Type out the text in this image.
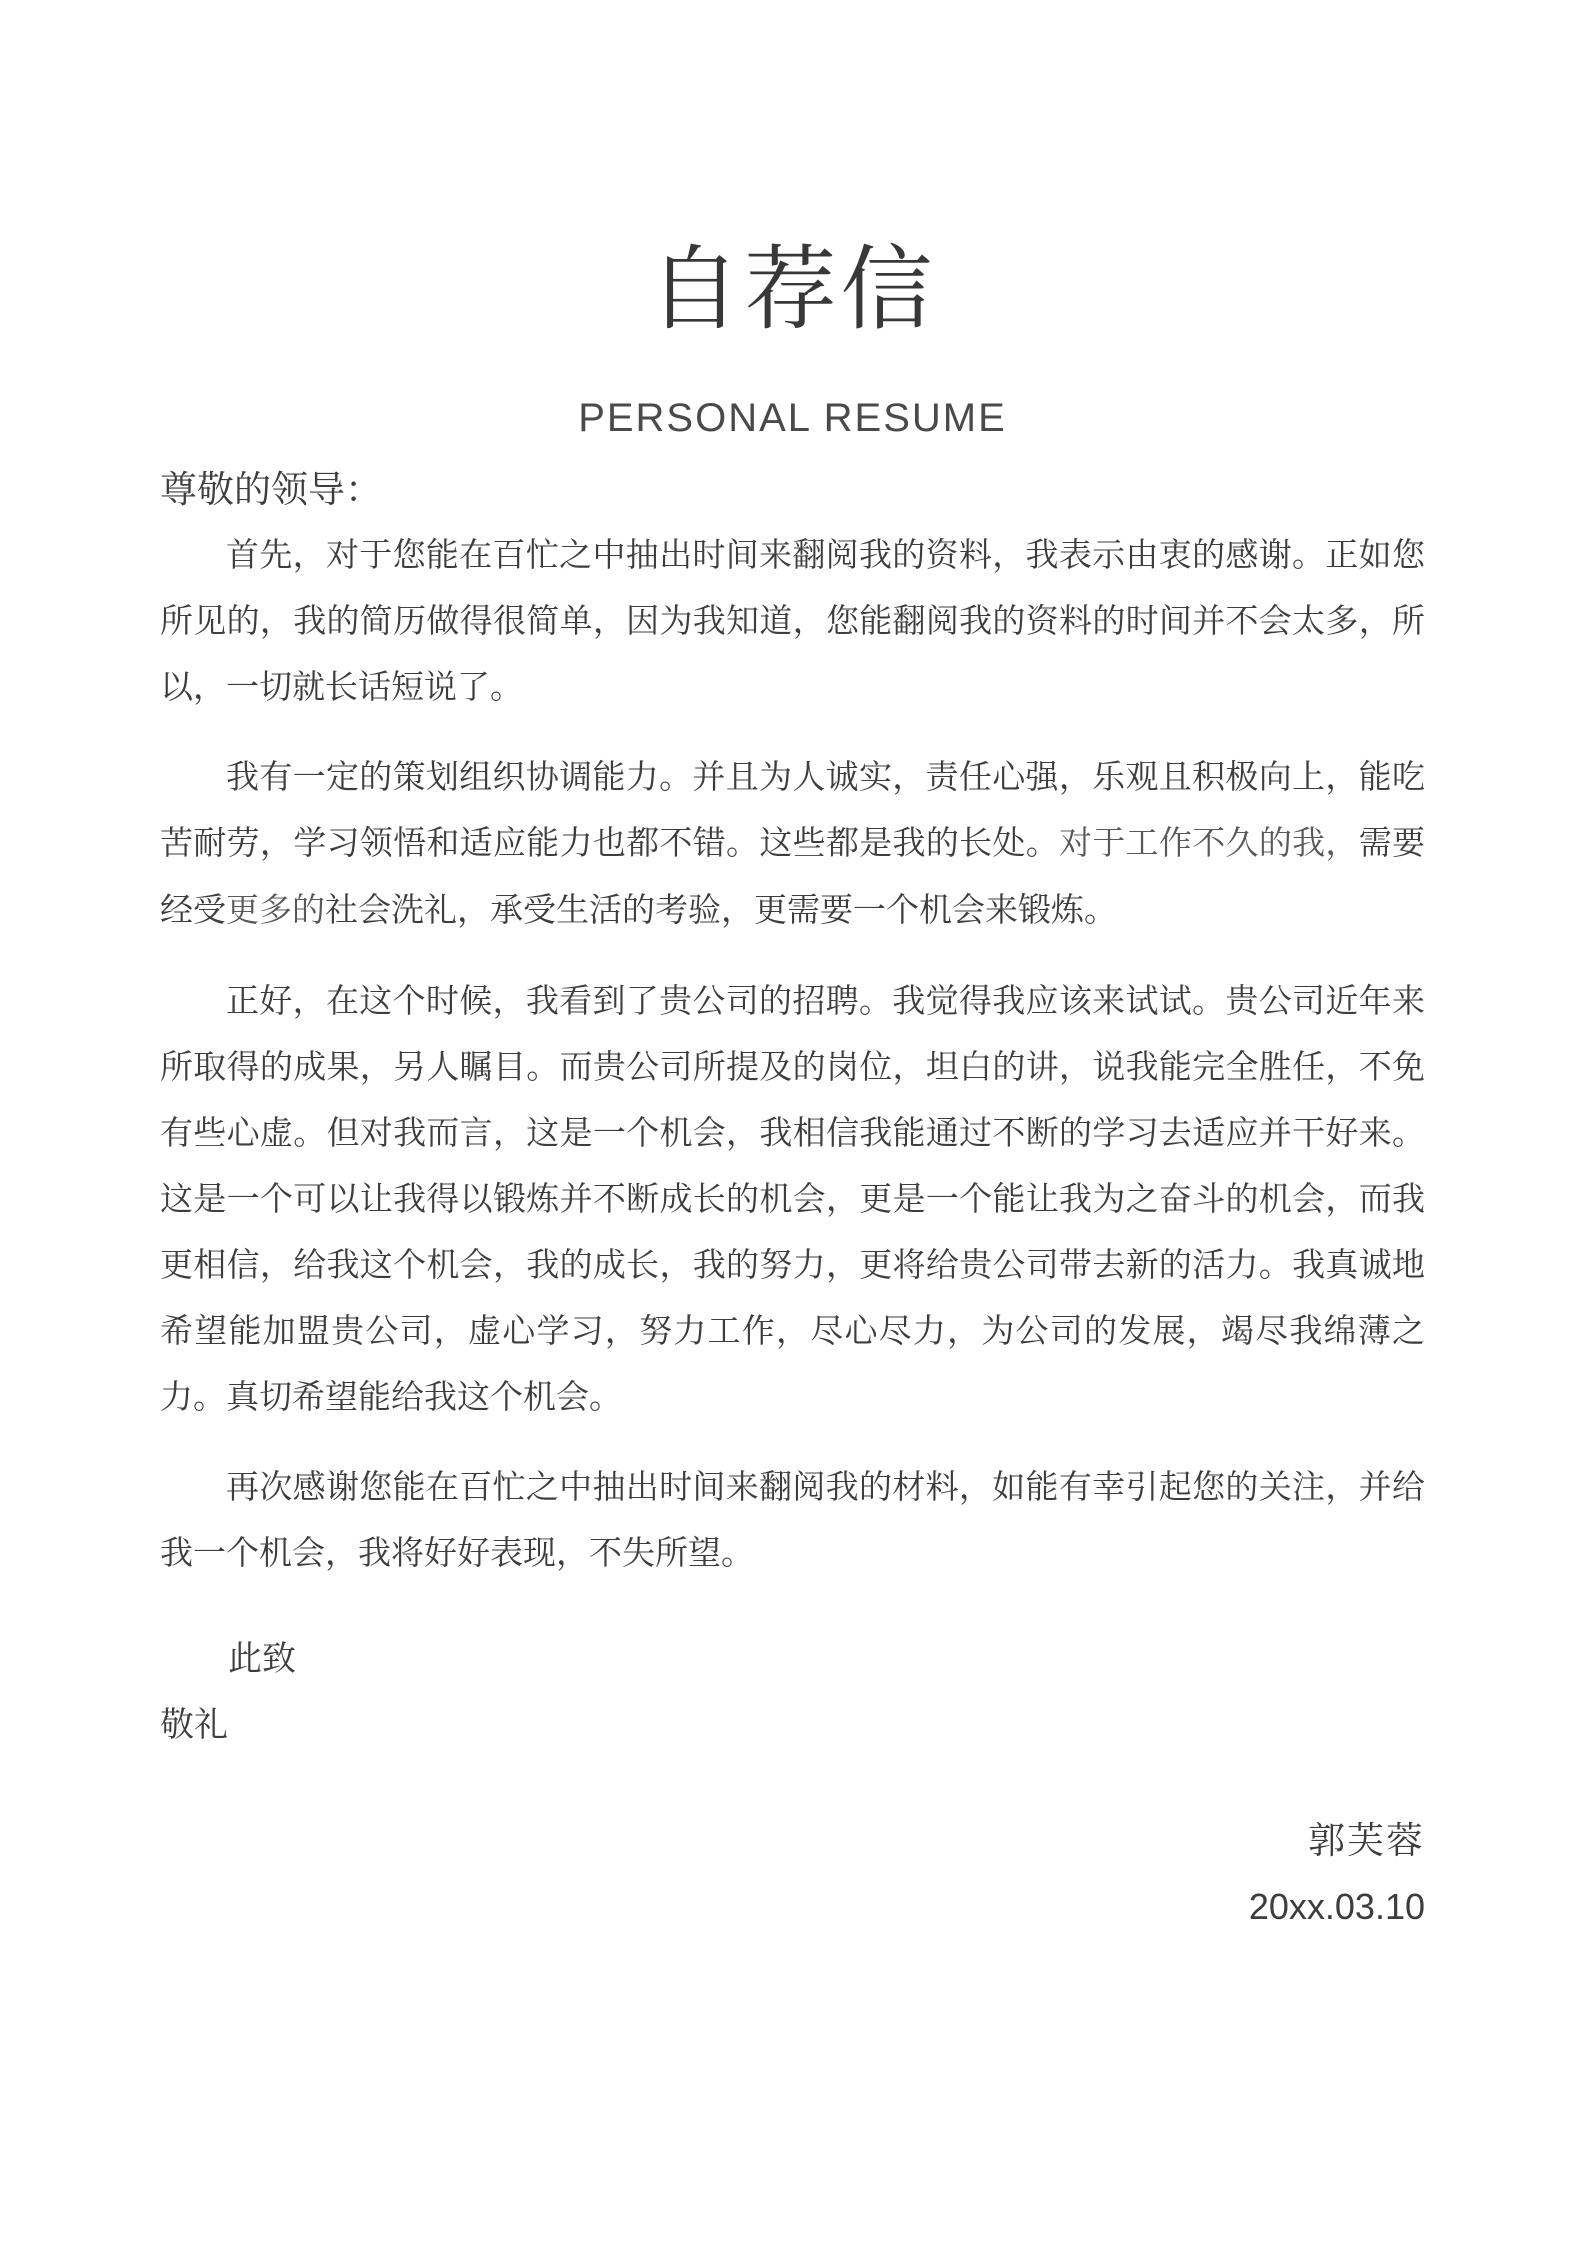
自荐信
PERSONAL RESUME
尊敬的领导：
首先，对于您能在百忙之中抽出时间来翻阅我的资料，我表示由衷的感谢。正如您所见的，我的简历做得很简单，因为我知道，您能翻阅我的资料的时间并不会太多，所以，一切就长话短说了。
我有一定的策划组织协调能力。并且为人诚实，责任心强，乐观且积极向上，能吃苦耐劳，学习领悟和适应能力也都不错。这些都是我的长处。对于工作不久的我，需要经受更多的社会洗礼，承受生活的考验，更需要一个机会来锻炼。
正好，在这个时候，我看到了贵公司的招聘。我觉得我应该来试试。贵公司近年来所取得的成果，另人瞩目。而贵公司所提及的岗位，坦白的讲，说我能完全胜任，不免有些心虚。但对我而言，这是一个机会，我相信我能通过不断的学习去适应并干好来。这是一个可以让我得以锻炼并不断成长的机会，更是一个能让我为之奋斗的机会，而我更相信，给我这个机会，我的成长，我的努力，更将给贵公司带去新的活力。我真诚地希望能加盟贵公司，虚心学习，努力工作，尽心尽力，为公司的发展，竭尽我绵薄之力。真切希望能给我这个机会。
再次感谢您能在百忙之中抽出时间来翻阅我的材料，如能有幸引起您的关注，并给我一个机会，我将好好表现，不失所望。
此致
敬礼
郭芙蓉
20xx.03.10
